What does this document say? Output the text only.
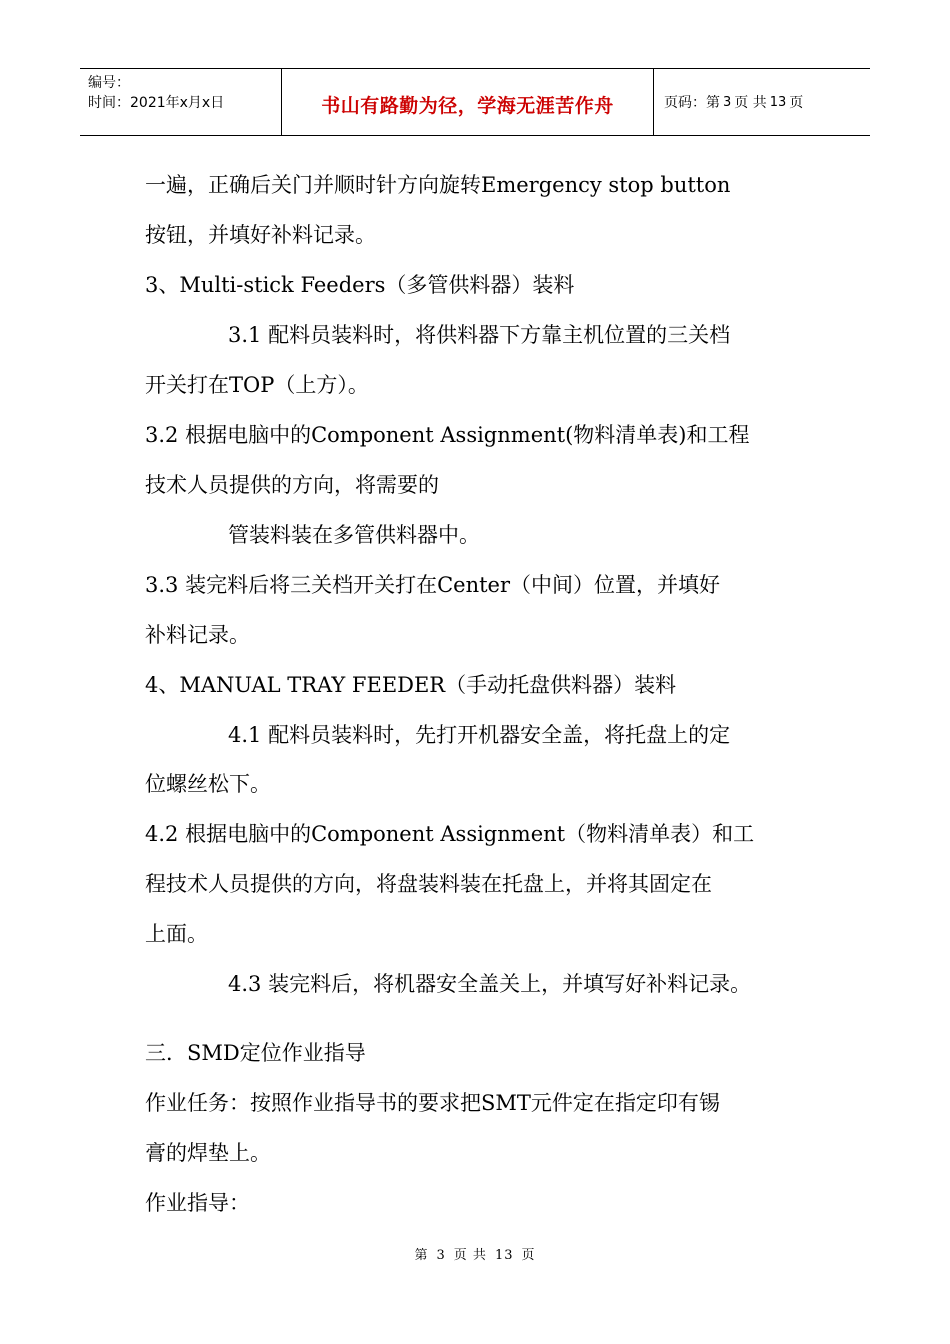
编号：
时间：2021年x月x日	书山有路勤为径，学海无涯苦作舟	页码：第 3 页 共 13 页
一遍，正确后关门并顺时针方向旋转Emergency stop button
按钮，并填好补料记录。
3、Multi-stick Feeders（多管供料器）装料
3.1 配料员装料时，将供料器下方靠主机位置的三关档
开关打在TOP（上方）。
3.2 根据电脑中的Component Assignment(物料清单表)和工程
技术人员提供的方向，将需要的
管装料装在多管供料器中。
3.3 装完料后将三关档开关打在Center（中间）位置，并填好
补料记录。
4、MANUAL TRAY FEEDER（手动托盘供料器）装料
4.1 配料员装料时，先打开机器安全盖，将托盘上的定
位螺丝松下。
4.2 根据电脑中的Component Assignment（物料清单表）和工
程技术人员提供的方向，将盘装料装在托盘上，并将其固定在
上面。
4.3 装完料后，将机器安全盖关上，并填写好补料记录。
三．SMD定位作业指导
作业任务：按照作业指导书的要求把SMT元件定在指定印有锡
膏的焊垫上。
作业指导：
第 3 页 共 13 页
